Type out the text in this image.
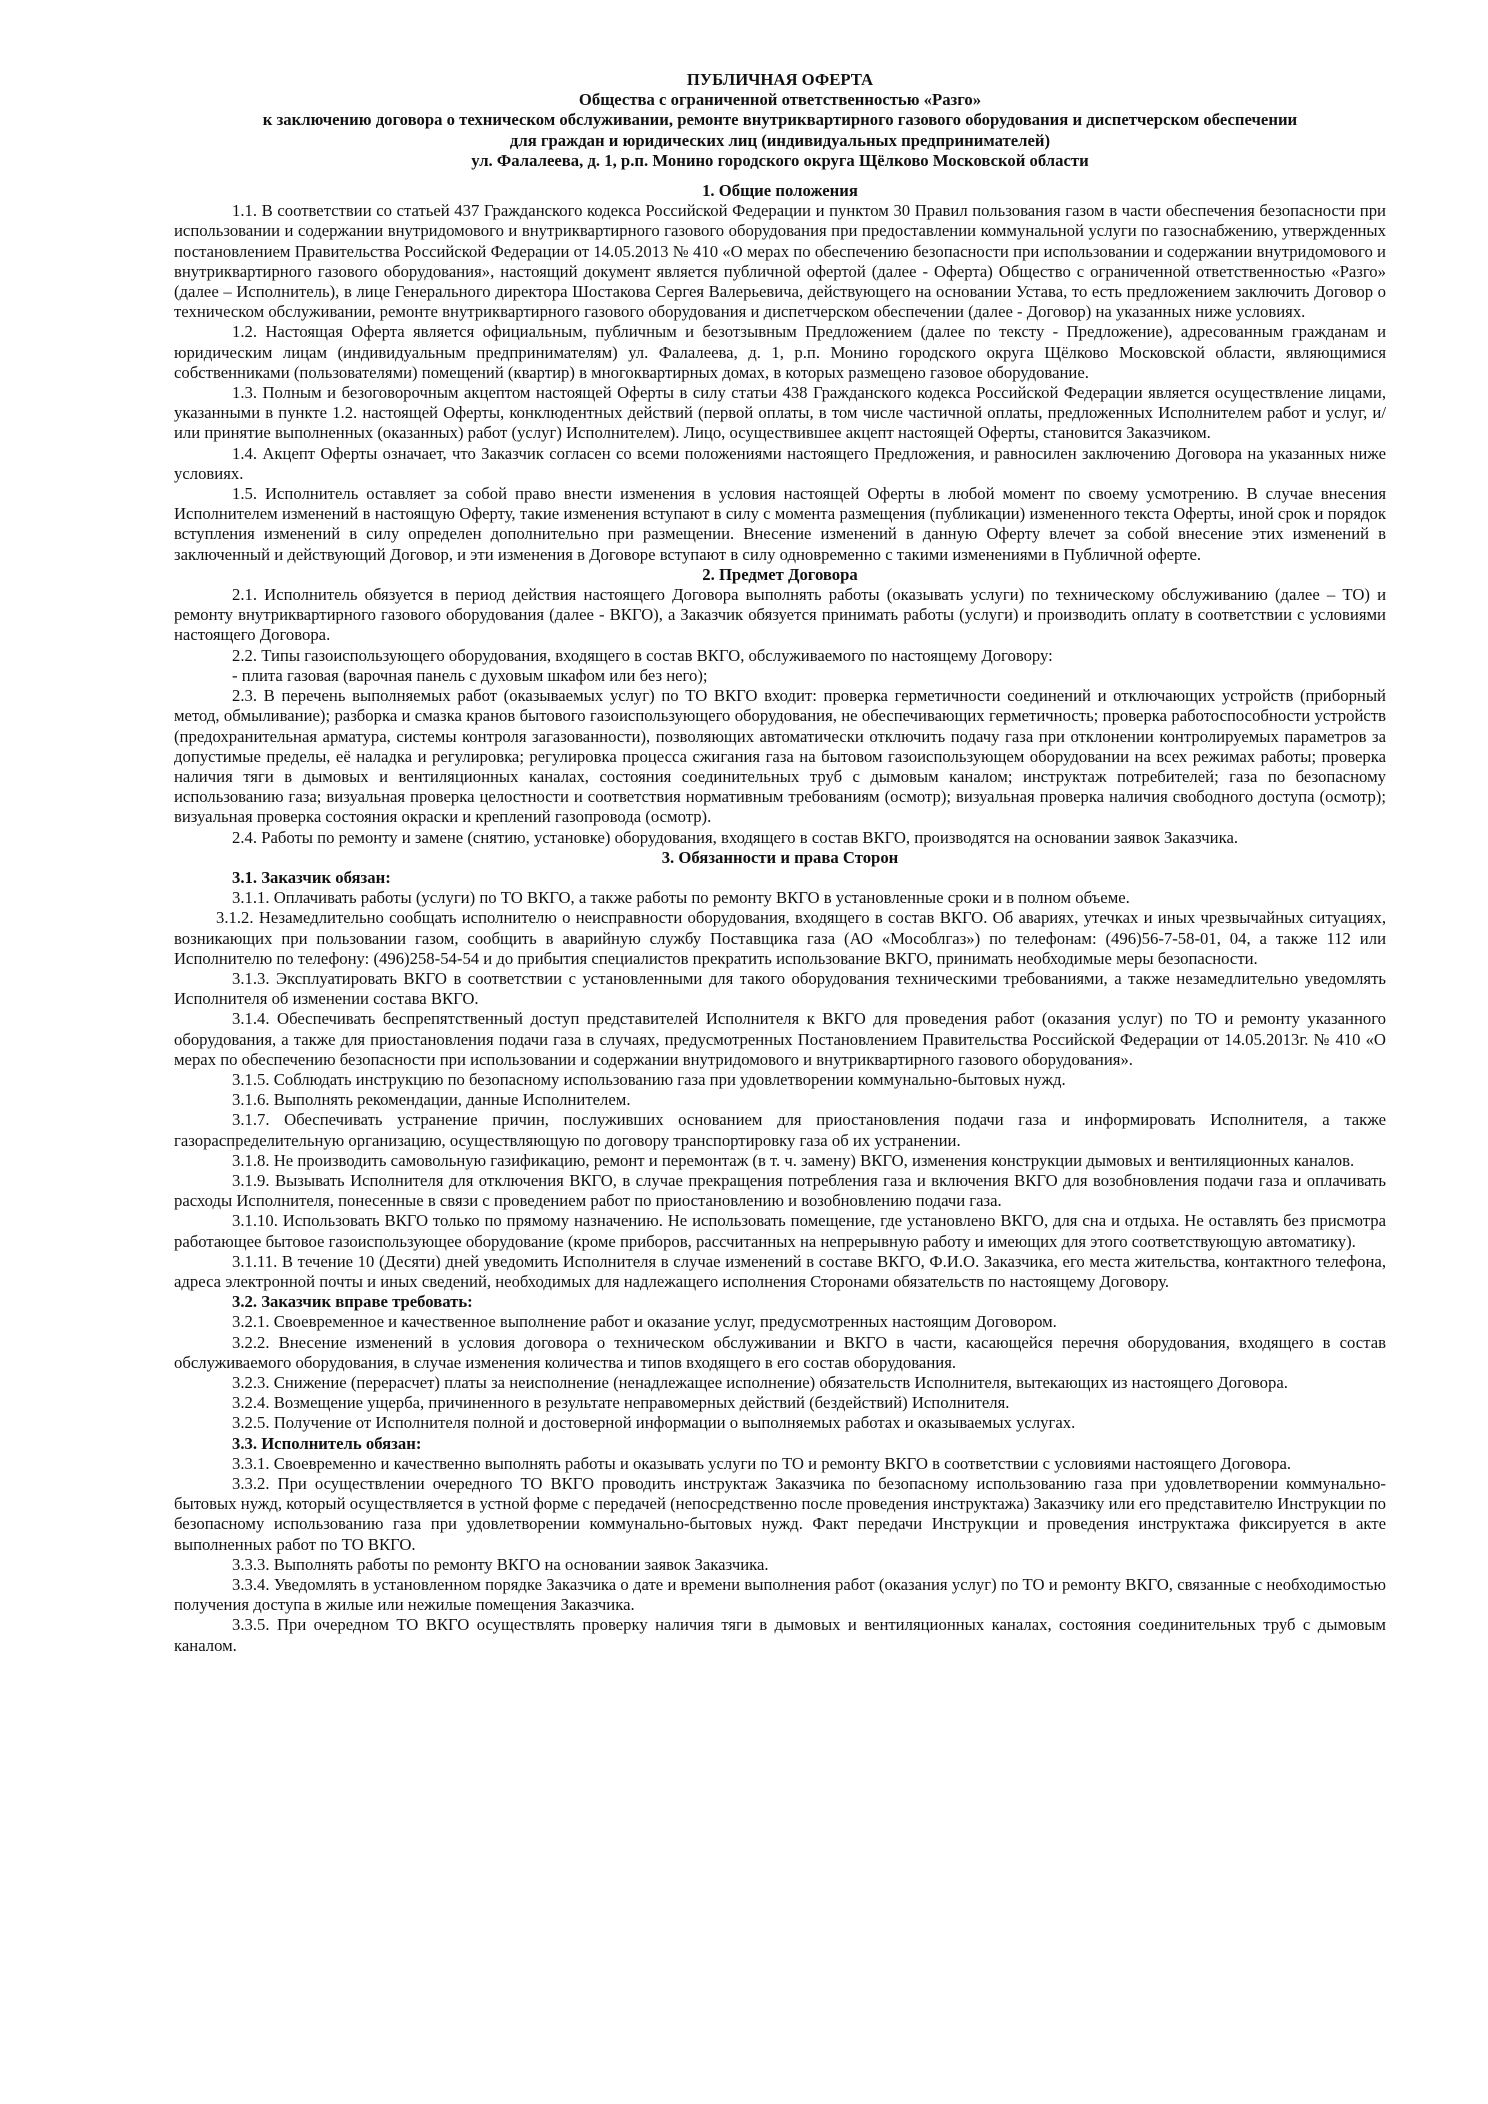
ПУБЛИЧНАЯ ОФЕРТА
Общества с ограниченной ответственностью «Разго»
к заключению договора о техническом обслуживании, ремонте внутриквартирного газового оборудования и диспетчерском обеспечении
для граждан и юридических лиц (индивидуальных предпринимателей)
ул. Фалалеева, д. 1, р.п. Монино городского округа Щёлково Московской области
1. Общие положения

1.1. В соответствии со статьей 437 Гражданского кодекса Российской Федерации и пунктом 30 Правил пользования газом в части обеспечения безопасности при использовании и содержании внутридомового и внутриквартирного газового оборудования при предоставлении коммунальной услуги по газоснабжению, утвержденных постановлением Правительства Российской Федерации от 14.05.2013 № 410 «О мерах по обеспечению безопасности при использовании и содержании внутридомового и внутриквартирного газового оборудования», настоящий документ является публичной офертой (далее - Оферта) Общество с ограниченной ответственностью «Разго» (далее – Исполнитель), в лице Генерального директора Шостакова Сергея Валерьевича, действующего на основании Устава, то есть предложением заключить Договор о техническом обслуживании, ремонте внутриквартирного газового оборудования и диспетчерском обеспечении (далее - Договор) на указанных ниже условиях.

1.2. Настоящая Оферта является официальным, публичным и безотзывным Предложением (далее по тексту - Предложение), адресованным гражданам и юридическим лицам (индивидуальным предпринимателям) ул. Фалалеева, д. 1, р.п. Монино городского округа Щёлково Московской области, являющимися собственниками (пользователями) помещений (квартир) в многоквартирных домах, в которых размещено газовое оборудование.

1.3. Полным и безоговорочным акцептом настоящей Оферты в силу статьи 438 Гражданского кодекса Российской Федерации является осуществление лицами, указанными в пункте 1.2. настоящей Оферты, конклюдентных действий (первой оплаты, в том числе частичной оплаты, предложенных Исполнителем работ и услуг, и/или принятие выполненных (оказанных) работ (услуг) Исполнителем). Лицо, осуществившее акцепт настоящей Оферты, становится Заказчиком.

1.4. Акцепт Оферты означает, что Заказчик согласен со всеми положениями настоящего Предложения, и равносилен заключению Договора на указанных ниже условиях.

1.5. Исполнитель оставляет за собой право внести изменения в условия настоящей Оферты в любой момент по своему усмотрению. В случае внесения Исполнителем изменений в настоящую Оферту, такие изменения вступают в силу с момента размещения (публикации) измененного текста Оферты, иной срок и порядок вступления изменений в силу определен дополнительно при размещении. Внесение изменений в данную Оферту влечет за собой внесение этих изменений в заключенный и действующий Договор, и эти изменения в Договоре вступают в силу одновременно с такими изменениями в Публичной оферте.

2. Предмет Договора

2.1. Исполнитель обязуется в период действия настоящего Договора выполнять работы (оказывать услуги) по техническому обслуживанию (далее – ТО) и ремонту внутриквартирного газового оборудования (далее - ВКГО), а Заказчик обязуется принимать работы (услуги) и производить оплату в соответствии с условиями настоящего Договора.

2.2. Типы газоиспользующего оборудования, входящего в состав ВКГО, обслуживаемого по настоящему Договору:

- плита газовая (варочная панель с духовым шкафом или без него);

2.3. В перечень выполняемых работ (оказываемых услуг) по ТО ВКГО входит: проверка герметичности соединений и отключающих устройств (приборный метод, обмыливание); разборка и смазка кранов бытового газоиспользующего оборудования, не обеспечивающих герметичность; проверка работоспособности устройств (предохранительная арматура, системы контроля загазованности), позволяющих автоматически отключить подачу газа при отклонении контролируемых параметров за допустимые пределы, её наладка и регулировка; регулировка процесса сжигания газа на бытовом газоиспользующем оборудовании на всех режимах работы; проверка наличия тяги в дымовых и вентиляционных каналах, состояния соединительных труб с дымовым каналом; инструктаж потребителей; газа по безопасному использованию газа; визуальная проверка целостности и соответствия нормативным требованиям (осмотр); визуальная проверка наличия свободного доступа (осмотр); визуальная проверка состояния окраски и креплений газопровода (осмотр).

2.4. Работы по ремонту и замене (снятию, установке) оборудования, входящего в состав ВКГО, производятся на основании заявок Заказчика.

3. Обязанности и права Сторон

3.1. Заказчик обязан:

3.1.1. Оплачивать работы (услуги) по ТО ВКГО, а также работы по ремонту ВКГО в установленные сроки и в полном объеме.

3.1.2. Незамедлительно сообщать исполнителю о неисправности оборудования, входящего в состав ВКГО. Об авариях, утечках и иных чрезвычайных ситуациях, возникающих при пользовании газом, сообщить в аварийную службу Поставщика газа (АО «Мособлгаз») по телефонам: (496)56-7-58-01, 04, а также 112 или Исполнителю по телефону: (496)258-54-54 и до прибытия специалистов прекратить использование ВКГО, принимать необходимые меры безопасности.

3.1.3. Эксплуатировать ВКГО в соответствии с установленными для такого оборудования техническими требованиями, а также незамедлительно уведомлять Исполнителя об изменении состава ВКГО.

3.1.4. Обеспечивать беспрепятственный доступ представителей Исполнителя к ВКГО для проведения работ (оказания услуг) по ТО и ремонту указанного оборудования, а также для приостановления подачи газа в случаях, предусмотренных Постановлением Правительства Российской Федерации от 14.05.2013г. № 410 «О мерах по обеспечению безопасности при использовании и содержании внутридомового и внутриквартирного газового оборудования».

3.1.5. Соблюдать инструкцию по безопасному использованию газа при удовлетворении коммунально-бытовых нужд.

3.1.6. Выполнять рекомендации, данные Исполнителем.

3.1.7. Обеспечивать устранение причин, послуживших основанием для приостановления подачи газа и информировать Исполнителя, а также газораспределительную организацию, осуществляющую по договору транспортировку газа об их устранении.

3.1.8. Не производить самовольную газификацию, ремонт и перемонтаж (в т. ч. замену) ВКГО, изменения конструкции дымовых и вентиляционных каналов.

3.1.9. Вызывать Исполнителя для отключения ВКГО, в случае прекращения потребления газа и включения ВКГО для возобновления подачи газа и оплачивать расходы Исполнителя, понесенные в связи с проведением работ по приостановлению и возобновлению подачи газа.

3.1.10. Использовать ВКГО только по прямому назначению. Не использовать помещение, где установлено ВКГО, для сна и отдыха. Не оставлять без присмотра работающее бытовое газоиспользующее оборудование (кроме приборов, рассчитанных на непрерывную работу и имеющих для этого соответствующую автоматику).

3.1.11. В течение 10 (Десяти) дней уведомить Исполнителя в случае изменений в составе ВКГО, Ф.И.О. Заказчика, его места жительства, контактного телефона, адреса электронной почты и иных сведений, необходимых для надлежащего исполнения Сторонами обязательств по настоящему Договору.

3.2. Заказчик вправе требовать:

3.2.1. Своевременное и качественное выполнение работ и оказание услуг, предусмотренных настоящим Договором.

3.2.2. Внесение изменений в условия договора о техническом обслуживании и ВКГО в части, касающейся перечня оборудования, входящего в состав обслуживаемого оборудования, в случае изменения количества и типов входящего в его состав оборудования.

3.2.3. Снижение (перерасчет) платы за неисполнение (ненадлежащее исполнение) обязательств Исполнителя, вытекающих из настоящего Договора.

3.2.4. Возмещение ущерба, причиненного в результате неправомерных действий (бездействий) Исполнителя.

3.2.5. Получение от Исполнителя полной и достоверной информации о выполняемых работах и оказываемых услугах.

3.3. Исполнитель обязан:

3.3.1. Своевременно и качественно выполнять работы и оказывать услуги по ТО и ремонту ВКГО в соответствии с условиями настоящего Договора.

3.3.2. При осуществлении очередного ТО ВКГО проводить инструктаж Заказчика по безопасному использованию газа при удовлетворении коммунально-бытовых нужд, который осуществляется в устной форме с передачей (непосредственно после проведения инструктажа) Заказчику или его представителю Инструкции по безопасному использованию газа при удовлетворении коммунально-бытовых нужд. Факт передачи Инструкции и проведения инструктажа фиксируется в акте выполненных работ по ТО ВКГО.

3.3.3. Выполнять работы по ремонту ВКГО на основании заявок Заказчика.

3.3.4. Уведомлять в установленном порядке Заказчика о дате и времени выполнения работ (оказания услуг) по ТО и ремонту ВКГО, связанные с необходимостью получения доступа в жилые или нежилые помещения Заказчика.

3.3.5. При очередном ТО ВКГО осуществлять проверку наличия тяги в дымовых и вентиляционных каналах, состояния соединительных труб с дымовым каналом.
